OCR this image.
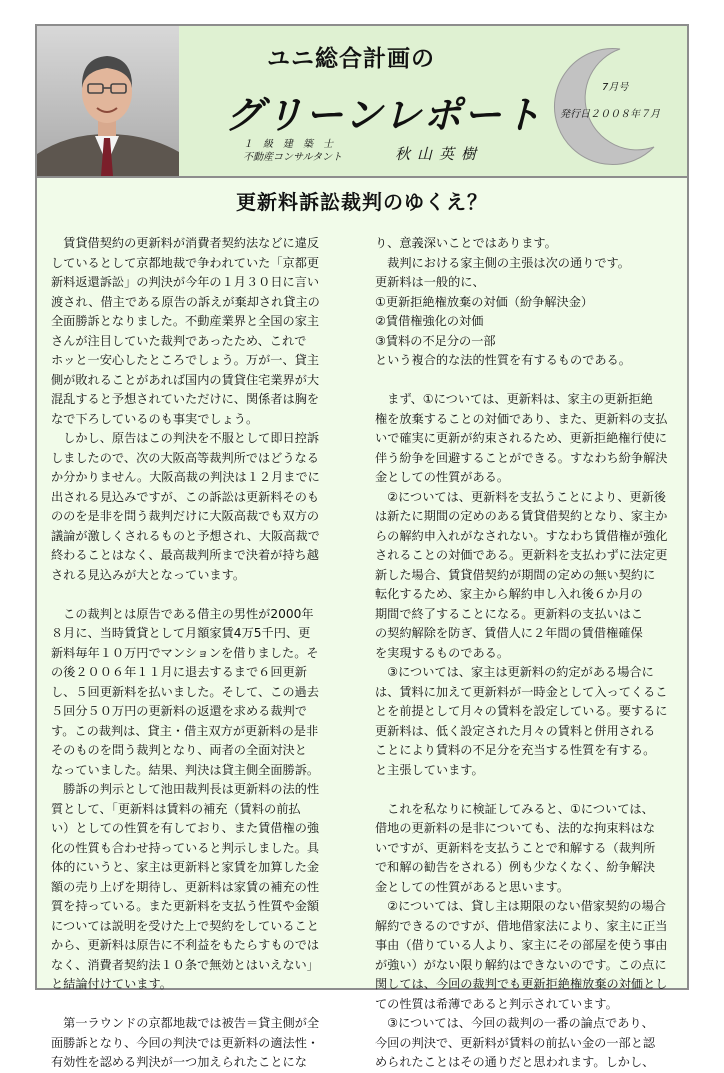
ユニ総合計画の
グリーンレポート
１　級　建　築　士
不動産コンサルタント	秋山英樹
7月号
発行日２００８年７月
更新料訴訟裁判のゆくえ？

　賃貸借契約の更新料が消費者契約法などに違反

しているとして京都地裁で争われていた「京都更

新料返還訴訟」の判決が今年の１月３０日に言い

渡され、借主である原告の訴えが棄却され貸主の

全面勝訴となりました。不動産業界と全国の家主

さんが注目していた裁判であったため、これで

ホッと一安心したところでしょう。万が一、貸主

側が敗れることがあれば国内の賃貸住宅業界が大

混乱すると予想されていただけに、関係者は胸を

なで下ろしているのも事実でしょう。

　しかし、原告はこの判決を不服として即日控訴

しましたので、次の大阪高等裁判所ではどうなる

か分かりません。大阪高裁の判決は１２月までに

出される見込みですが、この訴訟は更新料そのも

ののを是非を問う裁判だけに大阪高裁でも双方の

議論が激しくされるものと予想され、大阪高裁で

終わることはなく、最高裁判所まで決着が持ち越

される見込みが大となっています。

　この裁判とは原告である借主の男性が2000年

８月に、当時賃貸として月額家賃4万5千円、更

新料毎年１０万円でマンションを借りました。そ

の後２００６年１１月に退去するまで６回更新

し、５回更新料を払いました。そして、この過去

５回分５０万円の更新料の返還を求める裁判で

す。この裁判は、貸主・借主双方が更新料の是非

そのものを問う裁判となり、両者の全面対決と

なっていました。結果、判決は貸主側全面勝訴。

　勝訴の判示として池田裁判長は更新料の法的性

質として、「更新料は賃料の補充（賃料の前払

い）としての性質を有しており、また賃借権の強

化の性質も合わせ持っていると判示しました。具

体的にいうと、家主は更新料と家賃を加算した金

額の売り上げを期待し、更新料は家賃の補充の性

質を持っている。また更新料を支払う性質や金額

については説明を受けた上で契約をしていること

から、更新料は原告に不利益をもたらすものでは

なく、消費者契約法１０条で無効とはいえない」

と結論付けています。

　第一ラウンドの京都地裁では被告＝貸主側が全

面勝訴となり、今回の判決では更新料の適法性・

有効性を認める判決が一つ加えられたことにな

り、意義深いことではあります。

　裁判における家主側の主張は次の通りです。

更新料は一般的に、

①更新拒絶権放棄の対価（紛争解決金）

②賃借権強化の対価

③賃料の不足分の一部

という複合的な法的性質を有するものである。

　まず、①については、更新料は、家主の更新拒絶

権を放棄することの対価であり、また、更新料の支払

いで確実に更新が約束されるため、更新拒絶権行使に

伴う紛争を回避することができる。すなわち紛争解決

金としての性質がある。

　②については、更新料を支払うことにより、更新後

は新たに期間の定めのある賃貸借契約となり、家主か

らの解約申入れがなされない。すなわち賃借権が強化

されることの対価である。更新料を支払わずに法定更

新した場合、賃貸借契約が期間の定めの無い契約に

転化するため、家主から解約申し入れ後６か月の

期間で終了することになる。更新料の支払いはこ

の契約解除を防ぎ、賃借人に２年間の賃借権確保

を実現するものである。

　③については、家主は更新料の約定がある場合に

は、賃料に加えて更新料が一時金として入ってくるこ

とを前提として月々の賃料を設定している。要するに

更新料は、低く設定された月々の賃料と併用される

ことにより賃料の不足分を充当する性質を有する。

と主張しています。

　これを私なりに検証してみると、①については、

借地の更新料の是非についても、法的な拘束料はな

いですが、更新料を支払うことで和解する（裁判所

で和解の勧告をされる）例も少なくなく、紛争解決

金としての性質があると思います。

　②については、貸し主は期限のない借家契約の場合

解約できるのですが、借地借家法により、家主に正当

事由（借りている人より、家主にその部屋を使う事由

が強い）がない限り解約はできないのです。この点に

関しては、今回の裁判でも更新拒絶権放棄の対価とし

ての性質は希薄であると判示されています。

　③については、今回の裁判の一番の論点であり、

今回の判決で、更新料が賃料の前払い金の一部と認

められたことはその通りだと思われます。しかし、
